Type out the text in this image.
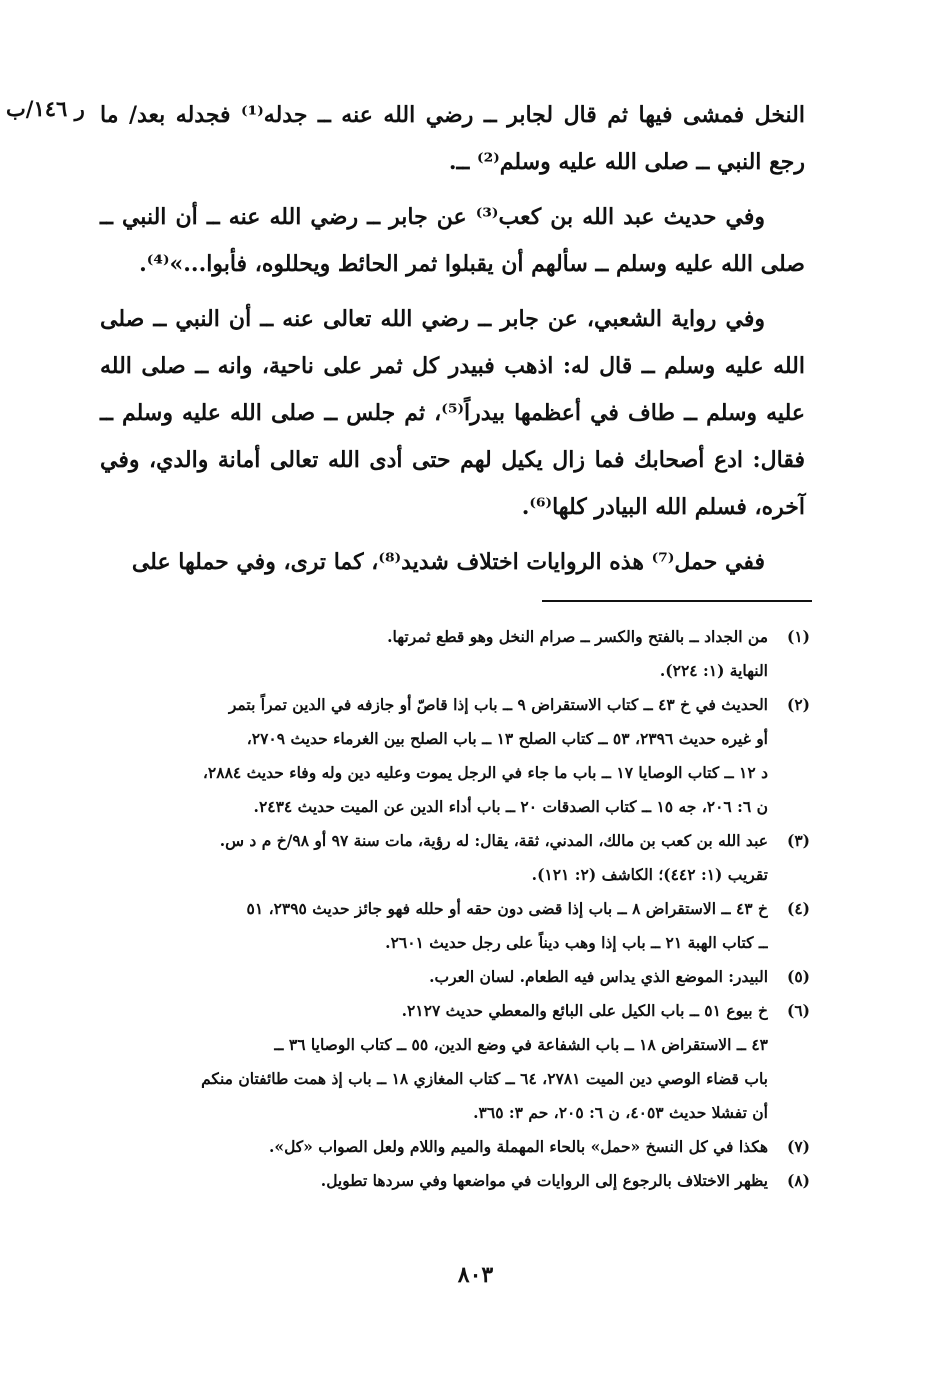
ر ١٤٦/ب النخل فمشى فيها ثم قال لجابر ــ رضي الله عنه ــ جدله⁽¹⁾ فجدله بعد/ ما رجع النبي ــ صلى الله عليه وسلم⁽²⁾ ــ.

وفي حديث عبد الله بن كعب⁽³⁾ عن جابر ــ رضي الله عنه ــ أن النبي ــ صلى الله عليه وسلم ــ سألهم أن يقبلوا ثمر الحائط ويحللوه، فأبوا...»⁽⁴⁾.

وفي رواية الشعبي، عن جابر ــ رضي الله تعالى عنه ــ أن النبي ــ صلى الله عليه وسلم ــ قال له: اذهب فبيدر كل ثمر على ناحية، وانه ــ صلى الله عليه وسلم ــ طاف في أعظمها بيدراً⁽⁵⁾، ثم جلس ــ صلى الله عليه وسلم ــ فقال: ادع أصحابك فما زال يكيل لهم حتى أدى الله تعالى أمانة والدي، وفي آخره، فسلم الله البيادر كلها⁽⁶⁾.

ففي حمل⁽⁷⁾ هذه الروايات اختلاف شديد⁽⁸⁾، كما ترى، وفي حملها على

(١)
من الجداد ــ بالفتح والكسر ــ صرام النخل وهو قطع ثمرتها.
النهاية (١: ٢٢٤).
(٢)
الحديث في خ ٤٣ ــ كتاب الاستقراض ٩ ــ باب إذا قاصّ أو جازفه في الدين تمراً بتمر
أو غيره حديث ٢٣٩٦، ٥٣ ــ كتاب الصلح ١٣ ــ باب الصلح بين الغرماء حديث ٢٧٠٩،
د ١٢ ــ كتاب الوصايا ١٧ ــ باب ما جاء في الرجل يموت وعليه دين وله وفاء حديث ٢٨٨٤،
ن ٦: ٢٠٦، جه ١٥ ــ كتاب الصدقات ٢٠ ــ باب أداء الدين عن الميت حديث ٢٤٣٤.
(٣)
عبد الله بن كعب بن مالك، المدني، ثقة، يقال: له رؤية، مات سنة ٩٧ أو ٩٨/خ م د س.
تقريب (١: ٤٤٢)؛ الكاشف (٢: ١٢١).
(٤)
خ ٤٣ ــ الاستقراض ٨ ــ باب إذا قضى دون حقه أو حلله فهو جائز حديث ٢٣٩٥، ٥١
ــ كتاب الهبة ٢١ ــ باب إذا وهب ديناً على رجل حديث ٢٦٠١.
(٥)
البيدر: الموضع الذي يداس فيه الطعام. لسان العرب.
(٦)
خ بيوع ٥١ ــ باب الكيل على البائع والمعطي حديث ٢١٢٧.
٤٣ ــ الاستقراض ١٨ ــ باب الشفاعة في وضع الدين، ٥٥ ــ كتاب الوصايا ٣٦ ــ
باب قضاء الوصي دين الميت ٢٧٨١، ٦٤ ــ كتاب المغازي ١٨ ــ باب إذ همت طائفتان منكم
أن تفشلا حديث ٤٠٥٣، ن ٦: ٢٠٥، حم ٣: ٣٦٥.
(٧)
هكذا في كل النسخ «حمل» بالحاء المهملة والميم واللام ولعل الصواب «كل».
(٨)
يظهر الاختلاف بالرجوع إلى الروايات في مواضعها وفي سردها تطويل.
٨٠٣
